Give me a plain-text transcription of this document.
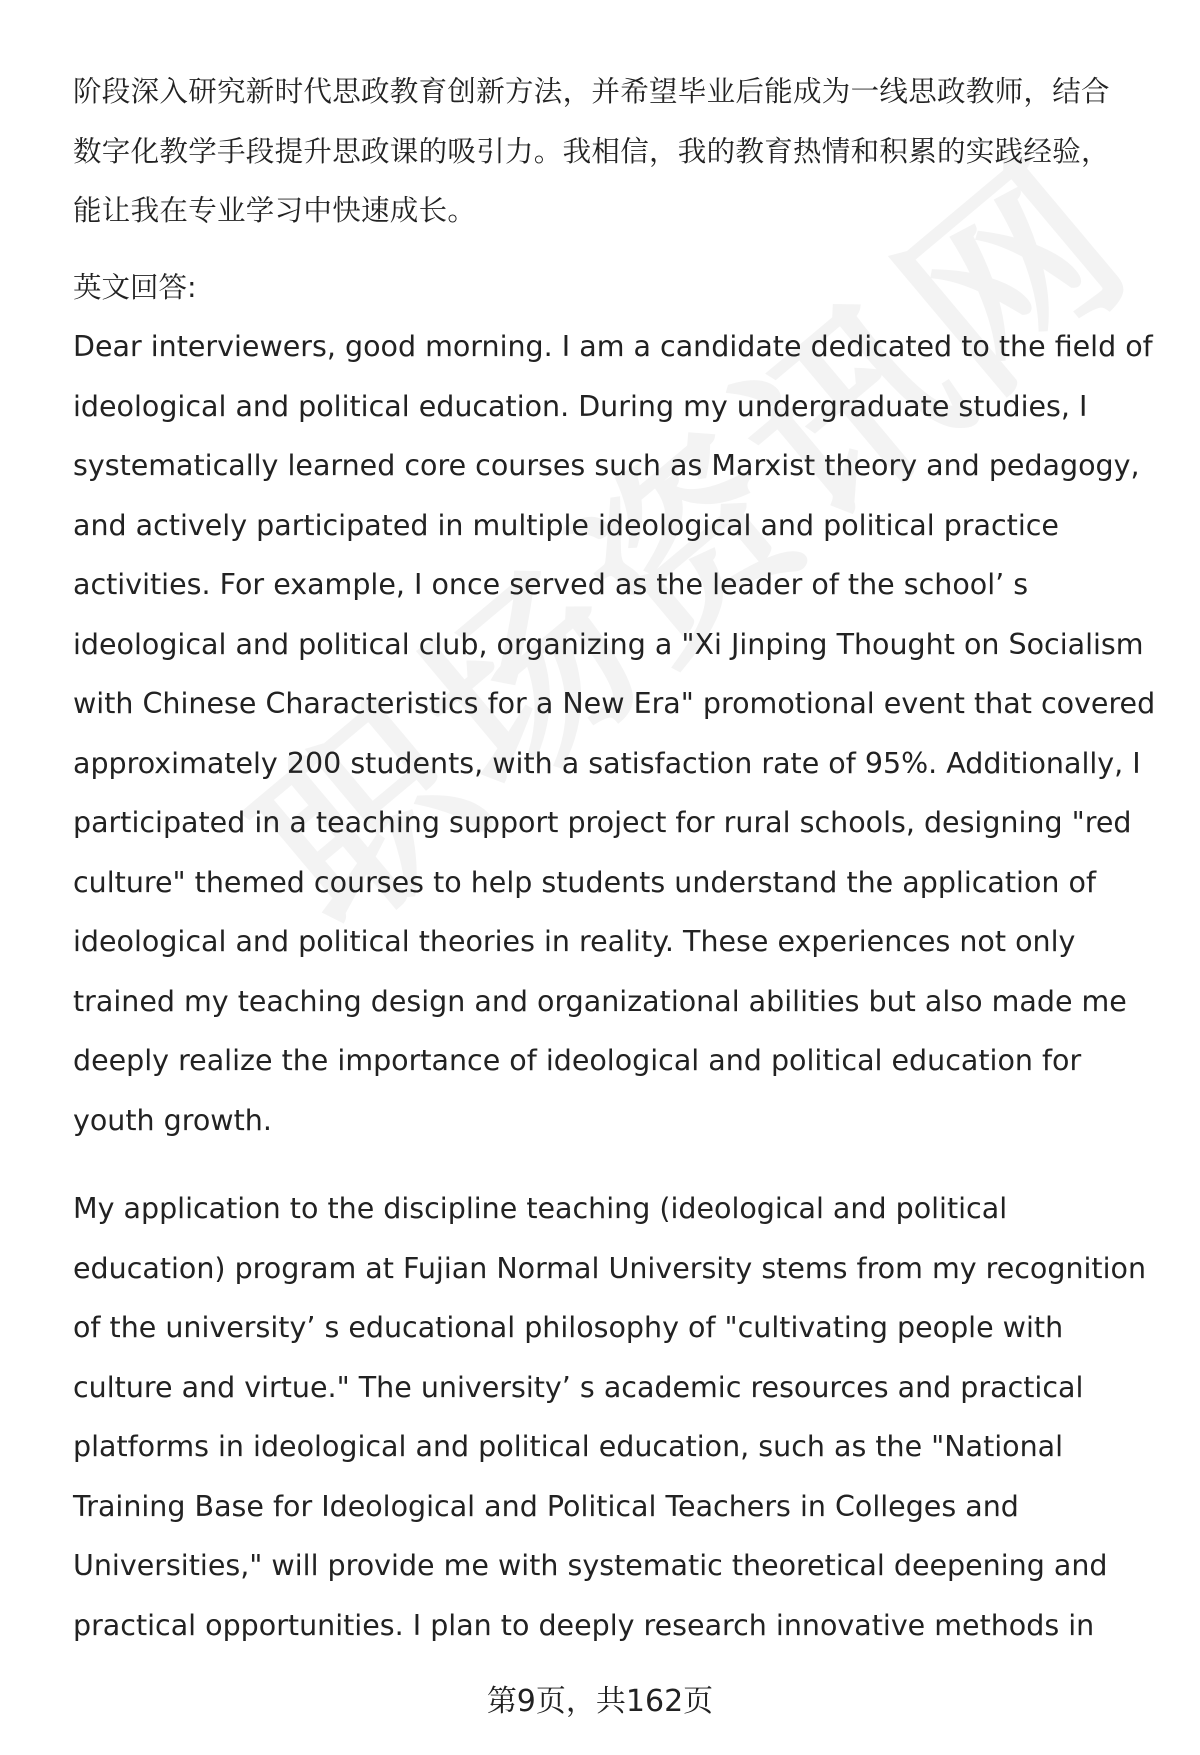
阶段深入研究新时代思政教育创新方法，并希望毕业后能成为一线思政教师，结合
数字化教学手段提升思政课的吸引力。我相信，我的教育热情和积累的实践经验，
能让我在专业学习中快速成长。

英文回答:

Dear interviewers, good morning. I am a candidate dedicated to the field of
ideological and political education. During my undergraduate studies, I
systematically learned core courses such as Marxist theory and pedagogy,
and actively participated in multiple ideological and political practice
activities. For example, I once served as the leader of the school’ s
ideological and political club, organizing a "Xi Jinping Thought on Socialism
with Chinese Characteristics for a New Era" promotional event that covered
approximately 200 students, with a satisfaction rate of 95%. Additionally, I
participated in a teaching support project for rural schools, designing "red
culture" themed courses to help students understand the application of
ideological and political theories in reality. These experiences not only
trained my teaching design and organizational abilities but also made me
deeply realize the importance of ideological and political education for
youth growth.

My application to the discipline teaching (ideological and political
education) program at Fujian Normal University stems from my recognition
of the university’ s educational philosophy of "cultivating people with
culture and virtue." The university’ s academic resources and practical
platforms in ideological and political education, such as the "National
Training Base for Ideological and Political Teachers in Colleges and
Universities," will provide me with systematic theoretical deepening and
practical opportunities. I plan to deeply research innovative methods in

第9页，共162页
